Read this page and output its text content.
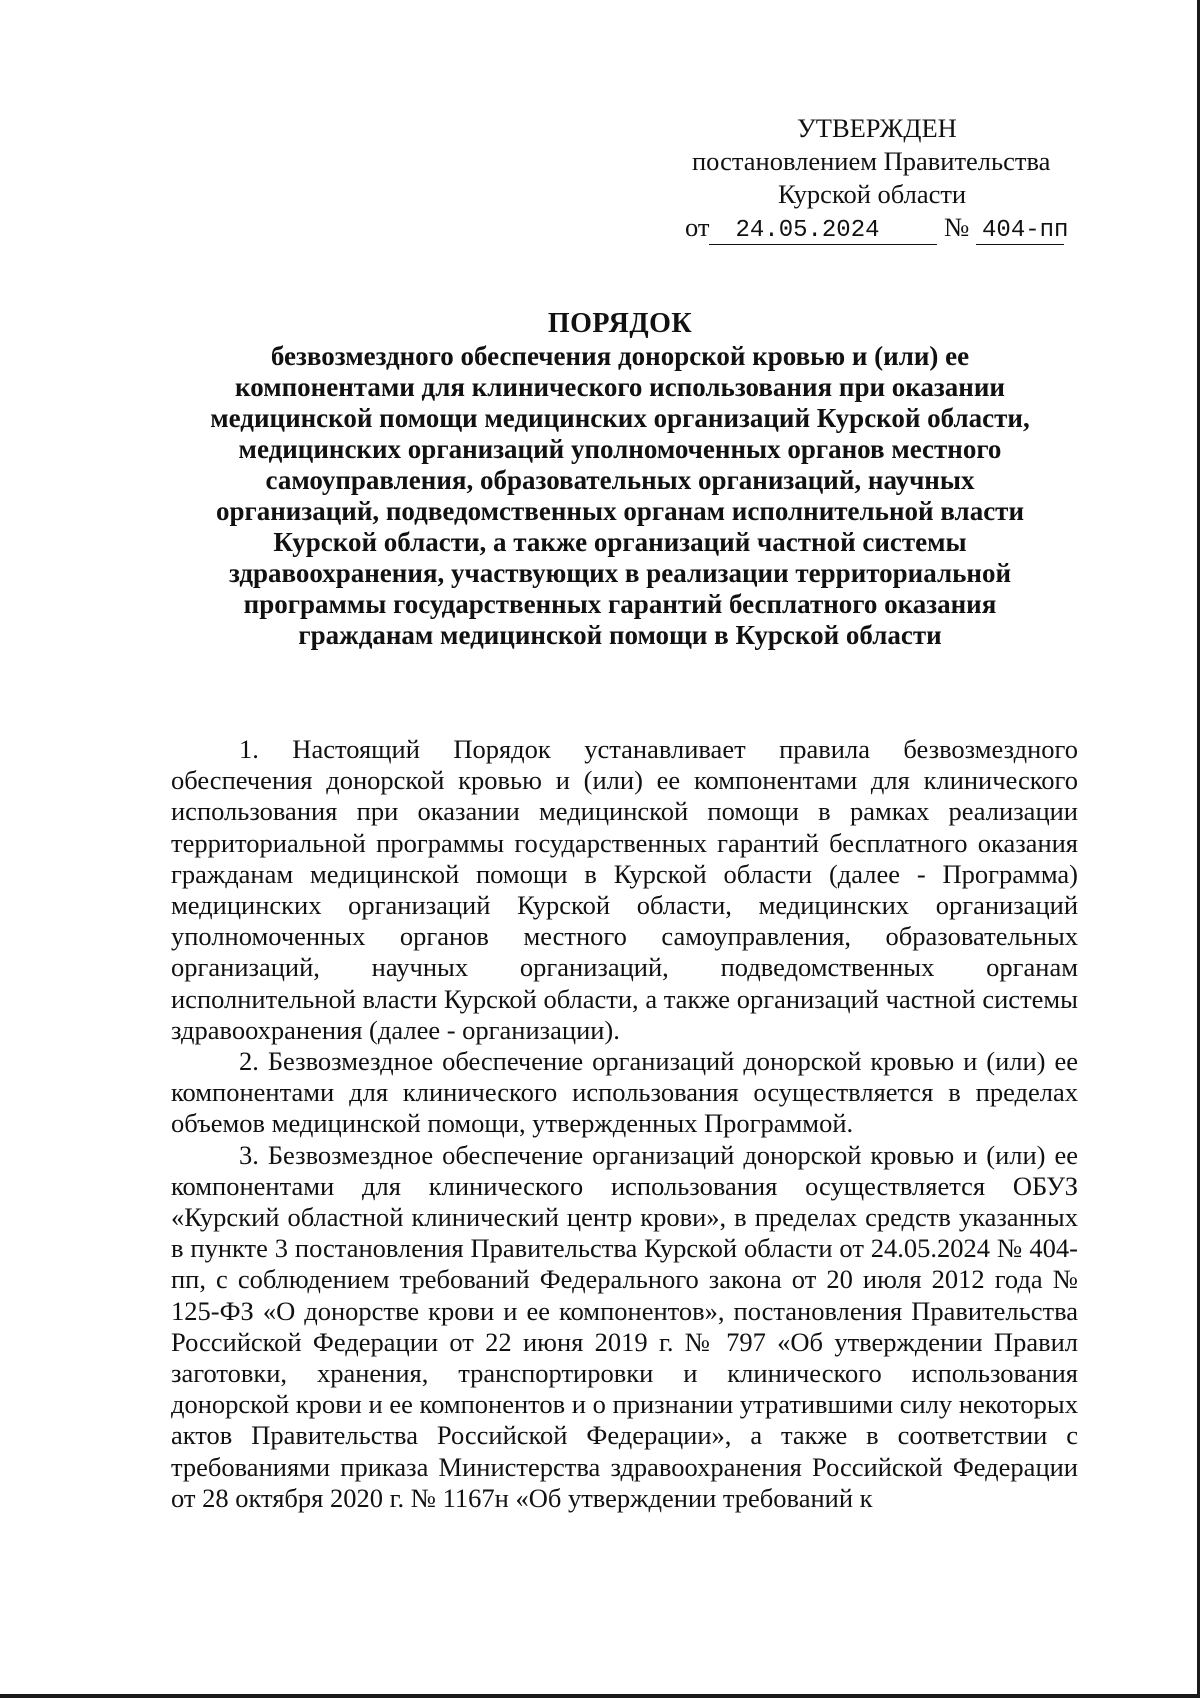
УТВЕРЖДЕН
постановлением Правительства
Курской области
от 24.05.2024 № 404-пп
ПОРЯДОК
безвозмездного обеспечения донорской кровью и (или) ее
компонентами для клинического использования при оказании
медицинской помощи медицинских организаций Курской области,
медицинских организаций уполномоченных органов местного
самоуправления, образовательных организаций, научных
организаций, подведомственных органам исполнительной власти
Курской области, а также организаций частной системы
здравоохранения, участвующих в реализации территориальной
программы государственных гарантий бесплатного оказания
гражданам медицинской помощи в Курской области

1. Настоящий Порядок устанавливает правила безвозмездного обеспечения донорской кровью и (или) ее компонентами для клинического использования при оказании медицинской помощи в рамках реализации территориальной программы государственных гарантий бесплатного оказания гражданам медицинской помощи в Курской области (далее - Программа) медицинских организаций Курской области, медицинских организаций уполномоченных органов местного самоуправления, образовательных организаций, научных организаций, подведомственных органам исполнительной власти Курской области, а также организаций частной системы здравоохранения (далее - организации).

2. Безвозмездное обеспечение организаций донорской кровью и (или) ее компонентами для клинического использования осуществляется в пределах объемов медицинской помощи, утвержденных Программой.

3. Безвозмездное обеспечение организаций донорской кровью и (или) ее компонентами для клинического использования осуществляется ОБУЗ «Курский областной клинический центр крови», в пределах средств указанных в пункте 3 постановления Правительства Курской области от 24.05.2024 № 404-пп, с соблюдением требований Федерального закона от 20 июля 2012 года № 125-ФЗ «О донорстве крови и ее компонентов», постановления Правительства Российской Федерации от 22 июня 2019 г. № 797 «Об утверждении Правил заготовки, хранения, транспортировки и клинического использования донорской крови и ее компонентов и о признании утратившими силу некоторых актов Правительства Российской Федерации», а также в соответствии с требованиями приказа Министерства здравоохранения Российской Федерации от 28 октября 2020 г. № 1167н «Об утверждении требований к
